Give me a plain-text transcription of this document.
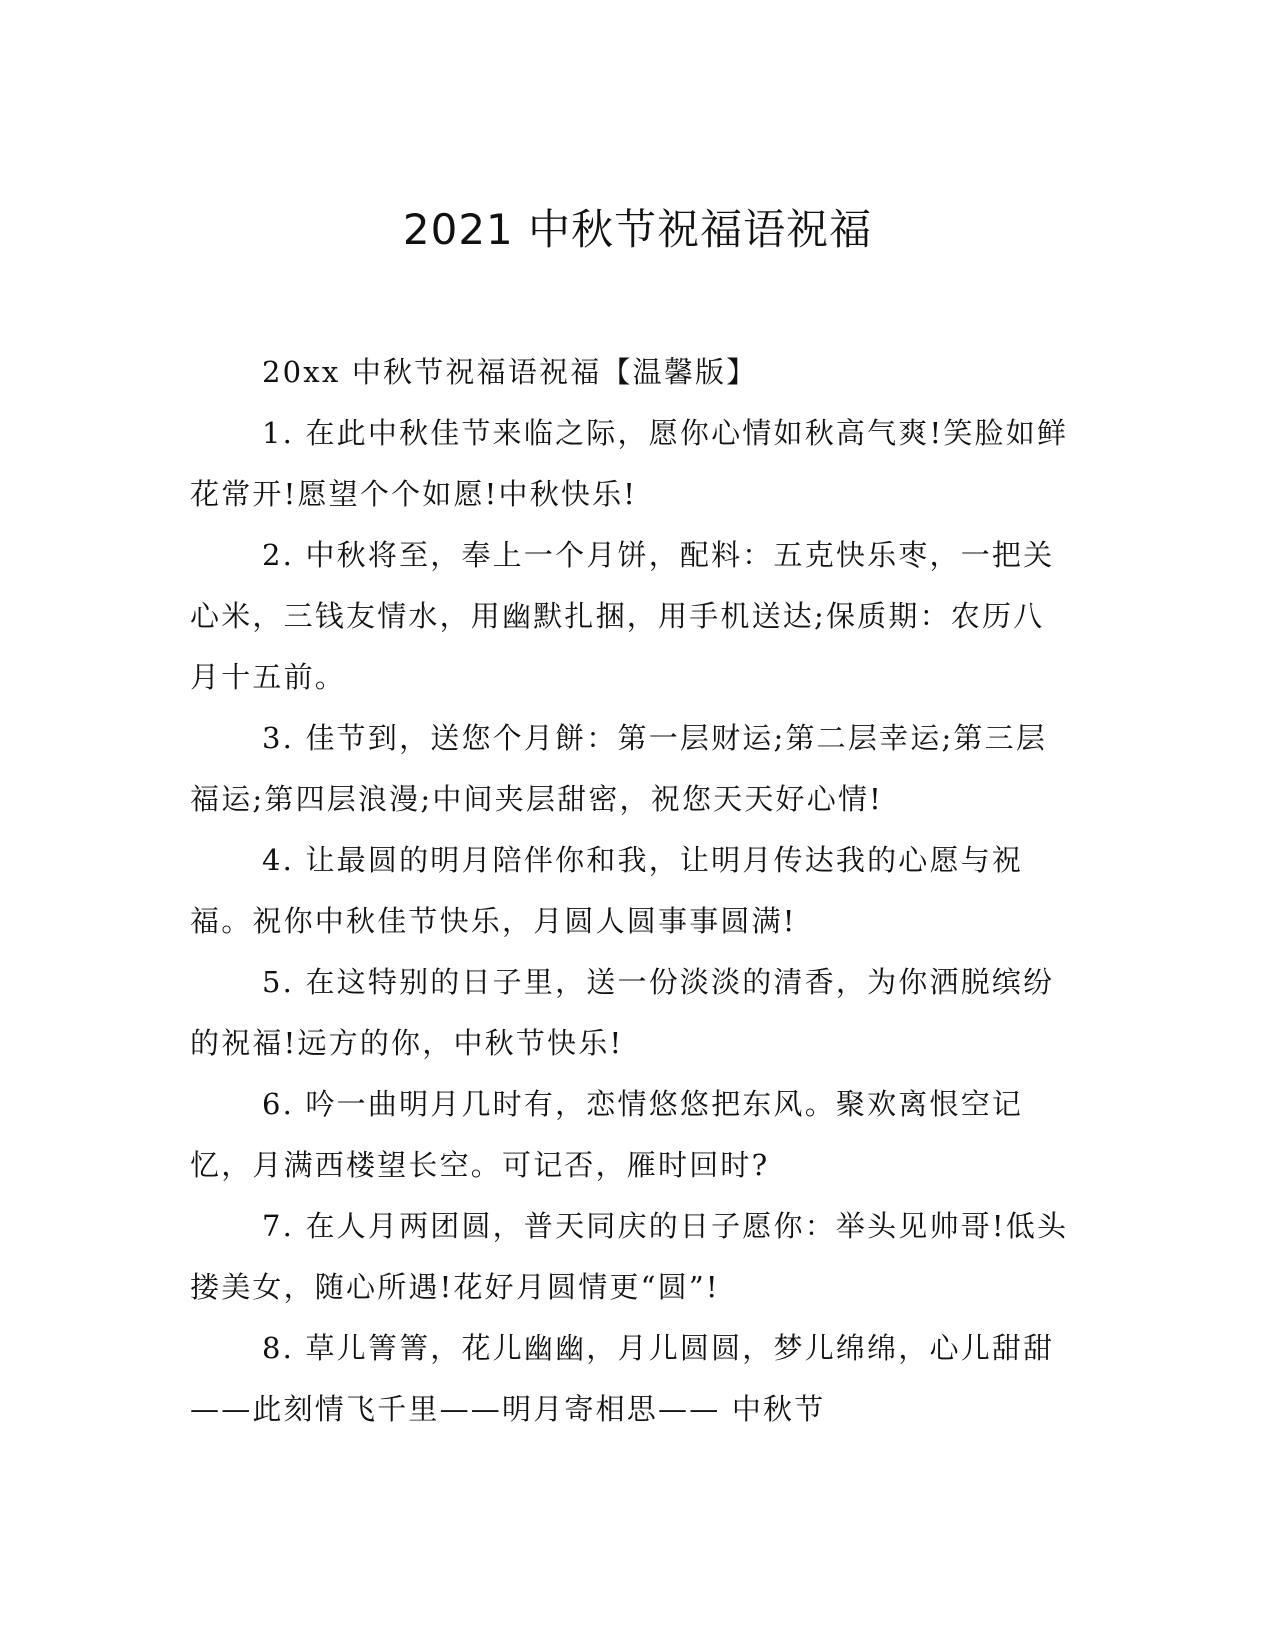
2021 中秋节祝福语祝福

20xx 中秋节祝福语祝福【温馨版】

1. 在此中秋佳节来临之际，愿你心情如秋高气爽!笑脸如鲜花常开!愿望个个如愿!中秋快乐!

2. 中秋将至，奉上一个月饼，配料：五克快乐枣，一把关心米，三钱友情水，用幽默扎捆，用手机送达;保质期：农历八月十五前。

3. 佳节到，送您个月餅：第一层财运;第二层幸运;第三层福运;第四层浪漫;中间夹层甜密，祝您天天好心情!

4. 让最圆的明月陪伴你和我，让明月传达我的心愿与祝福。祝你中秋佳节快乐，月圆人圆事事圆满!

5. 在这特别的日子里，送一份淡淡的清香，为你洒脱缤纷的祝福!远方的你，中秋节快乐!

6. 吟一曲明月几时有，恋情悠悠把东风。聚欢离恨空记忆，月满西楼望长空。可记否，雁时回时?

7. 在人月两团圆，普天同庆的日子愿你：举头见帅哥!低头搂美女，随心所遇!花好月圆情更“圆”!

8. 草儿箐箐，花儿幽幽，月儿圆圆，梦儿绵绵，心儿甜甜——此刻情飞千里——明月寄相思—— 中秋节
